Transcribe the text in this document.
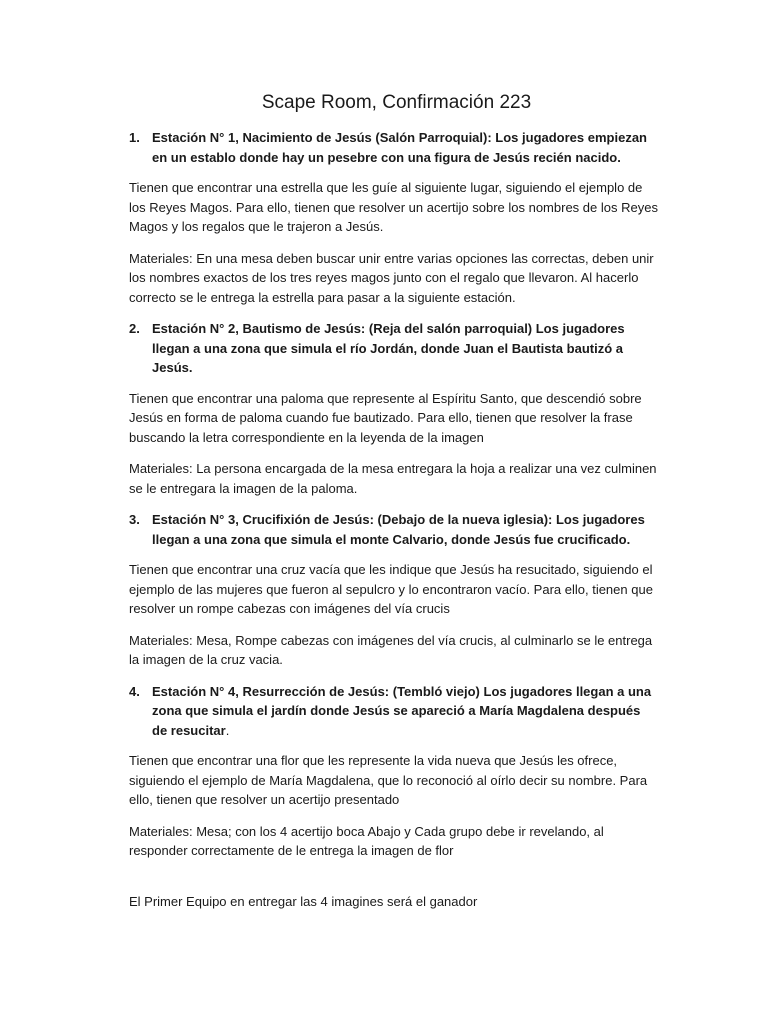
Scape Room, Confirmación 223
1. Estación N° 1, Nacimiento de Jesús (Salón Parroquial): Los jugadores empiezan en un establo donde hay un pesebre con una figura de Jesús recién nacido.

Tienen que encontrar una estrella que les guíe al siguiente lugar, siguiendo el ejemplo de los Reyes Magos. Para ello, tienen que resolver un acertijo sobre los nombres de los Reyes Magos y los regalos que le trajeron a Jesús.

Materiales: En una mesa deben buscar unir entre varias opciones las correctas, deben unir los nombres exactos de los tres reyes magos junto con el regalo que llevaron. Al hacerlo correcto se le entrega la estrella para pasar a la siguiente estación.

2. Estación N° 2, Bautismo de Jesús: (Reja del salón parroquial) Los jugadores llegan a una zona que simula el río Jordán, donde Juan el Bautista bautizó a Jesús.

Tienen que encontrar una paloma que represente al Espíritu Santo, que descendió sobre Jesús en forma de paloma cuando fue bautizado. Para ello, tienen que resolver la frase buscando la letra correspondiente en la leyenda de la imagen

Materiales: La persona encargada de la mesa entregara la hoja a realizar una vez culminen se le entregara la imagen de la paloma.

3. Estación N° 3, Crucifixión de Jesús: (Debajo de la nueva iglesia): Los jugadores llegan a una zona que simula el monte Calvario, donde Jesús fue crucificado.

Tienen que encontrar una cruz vacía que les indique que Jesús ha resucitado, siguiendo el ejemplo de las mujeres que fueron al sepulcro y lo encontraron vacío. Para ello, tienen que resolver un rompe cabezas con imágenes del vía crucis

Materiales: Mesa, Rompe cabezas con imágenes del vía crucis, al culminarlo se le entrega la imagen de la cruz vacia.

4. Estación N° 4, Resurrección de Jesús: (Tembló viejo) Los jugadores llegan a una zona que simula el jardín donde Jesús se apareció a María Magdalena después de resucitar.

Tienen que encontrar una flor que les represente la vida nueva que Jesús les ofrece, siguiendo el ejemplo de María Magdalena, que lo reconoció al oírlo decir su nombre. Para ello, tienen que resolver un acertijo presentado

Materiales: Mesa; con los 4 acertijo boca Abajo y Cada grupo debe ir revelando, al responder correctamente de le entrega la imagen de flor

El Primer Equipo en entregar las 4 imagines será el ganador
